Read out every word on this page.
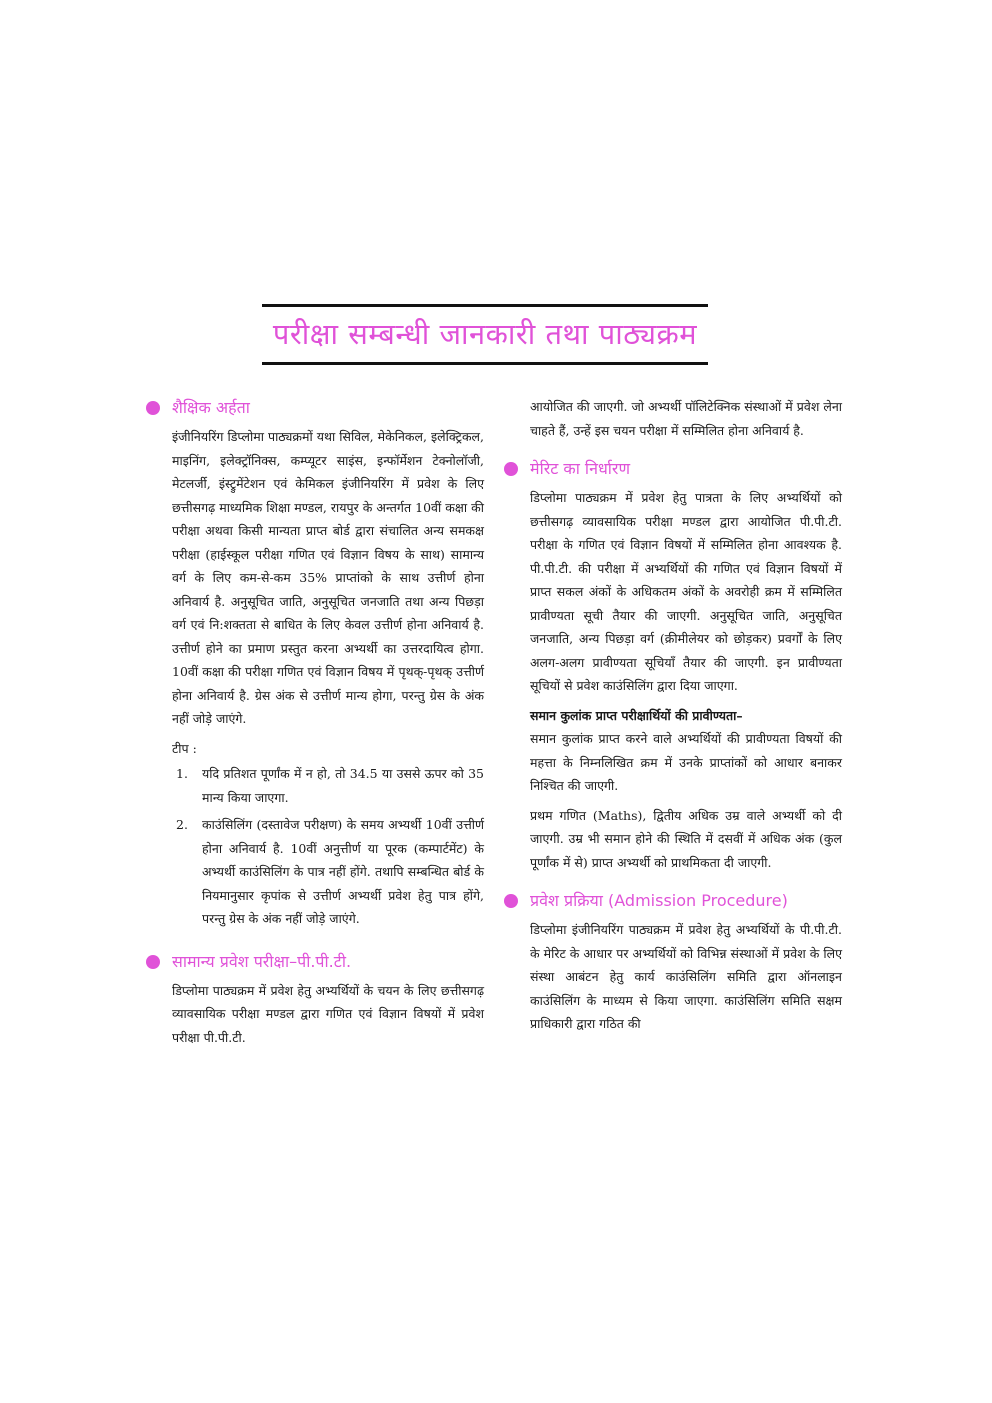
परीक्षा सम्बन्धी जानकारी तथा पाठ्यक्रम
शैक्षिक अर्हता

इंजीनियरिंग डिप्लोमा पाठ्यक्रमों यथा सिविल, मेकेनिकल, इलेक्ट्रिकल, माइनिंग, इलेक्ट्रॉनिक्स, कम्प्यूटर साइंस, इन्फॉर्मेशन टेक्नोलॉजी, मेटलर्जी, इंस्ट्रुमेंटेशन एवं केमिकल इंजीनियरिंग में प्रवेश के लिए छत्तीसगढ़ माध्यमिक शिक्षा मण्डल, रायपुर के अन्तर्गत 10वीं कक्षा की परीक्षा अथवा किसी मान्यता प्राप्त बोर्ड द्वारा संचालित अन्य समकक्ष परीक्षा (हाईस्कूल परीक्षा गणित एवं विज्ञान विषय के साथ) सामान्य वर्ग के लिए कम-से-कम 35% प्राप्तांको के साथ उत्तीर्ण होना अनिवार्य है. अनुसूचित जाति, अनुसूचित जनजाति तथा अन्य पिछड़ा वर्ग एवं नि:शक्तता से बाधित के लिए केवल उत्तीर्ण होना अनिवार्य है. उत्तीर्ण होने का प्रमाण प्रस्तुत करना अभ्यर्थी का उत्तरदायित्व होगा. 10वीं कक्षा की परीक्षा गणित एवं विज्ञान विषय में पृथक्-पृथक् उत्तीर्ण होना अनिवार्य है. ग्रेस अंक से उत्तीर्ण मान्य होगा, परन्तु ग्रेस के अंक नहीं जोड़े जाएंगे.

टीप :

1. यदि प्रतिशत पूर्णांक में न हो, तो 34.5 या उससे ऊपर को 35 मान्य किया जाएगा.
2. काउंसिलिंग (दस्तावेज परीक्षण) के समय अभ्यर्थी 10वीं उत्तीर्ण होना अनिवार्य है. 10वीं अनुत्तीर्ण या पूरक (कम्पार्टमेंट) के अभ्यर्थी काउंसिलिंग के पात्र नहीं होंगे. तथापि सम्बन्धित बोर्ड के नियमानुसार कृपांक से उत्तीर्ण अभ्यर्थी प्रवेश हेतु पात्र होंगे, परन्तु ग्रेस के अंक नहीं जोड़े जाएंगे.
सामान्य प्रवेश परीक्षा–पी.पी.टी.

डिप्लोमा पाठ्यक्रम में प्रवेश हेतु अभ्यर्थियों के चयन के लिए छत्तीसगढ़ व्यावसायिक परीक्षा मण्डल द्वारा गणित एवं विज्ञान विषयों में प्रवेश परीक्षा पी.पी.टी.

आयोजित की जाएगी. जो अभ्यर्थी पॉलिटेक्निक संस्थाओं में प्रवेश लेना चाहते हैं, उन्हें इस चयन परीक्षा में सम्मिलित होना अनिवार्य है.

मेरिट का निर्धारण

डिप्लोमा पाठ्यक्रम में प्रवेश हेतु पात्रता के लिए अभ्यर्थियों को छत्तीसगढ़ व्यावसायिक परीक्षा मण्डल द्वारा आयोजित पी.पी.टी. परीक्षा के गणित एवं विज्ञान विषयों में सम्मिलित होना आवश्यक है. पी.पी.टी. की परीक्षा में अभ्यर्थियों की गणित एवं विज्ञान विषयों में प्राप्त सकल अंकों के अधिकतम अंकों के अवरोही क्रम में सम्मिलित प्रावीण्यता सूची तैयार की जाएगी. अनुसूचित जाति, अनुसूचित जनजाति, अन्य पिछड़ा वर्ग (क्रीमीलेयर को छोड़कर) प्रवर्गों के लिए अलग-अलग प्रावीण्यता सूचियाँ तैयार की जाएगी. इन प्रावीण्यता सूचियों से प्रवेश काउंसिलिंग द्वारा दिया जाएगा.

समान कुलांक प्राप्त परीक्षार्थियों की प्रावीण्यता–

समान कुलांक प्राप्त करने वाले अभ्यर्थियों की प्रावीण्यता विषयों की महत्ता के निम्नलिखित क्रम में उनके प्राप्तांकों को आधार बनाकर निश्चित की जाएगी.

प्रथम गणित (Maths), द्वितीय अधिक उम्र वाले अभ्यर्थी को दी जाएगी. उम्र भी समान होने की स्थिति में दसवीं में अधिक अंक (कुल पूर्णांक में से) प्राप्त अभ्यर्थी को प्राथमिकता दी जाएगी.

प्रवेश प्रक्रिया (Admission Procedure)

डिप्लोमा इंजीनियरिंग पाठ्यक्रम में प्रवेश हेतु अभ्यर्थियों के पी.पी.टी. के मेरिट के आधार पर अभ्यर्थियों को विभिन्न संस्थाओं में प्रवेश के लिए संस्था आबंटन हेतु कार्य काउंसिलिंग समिति द्वारा ऑनलाइन काउंसिलिंग के माध्यम से किया जाएगा. काउंसिलिंग समिति सक्षम प्राधिकारी द्वारा गठित की
